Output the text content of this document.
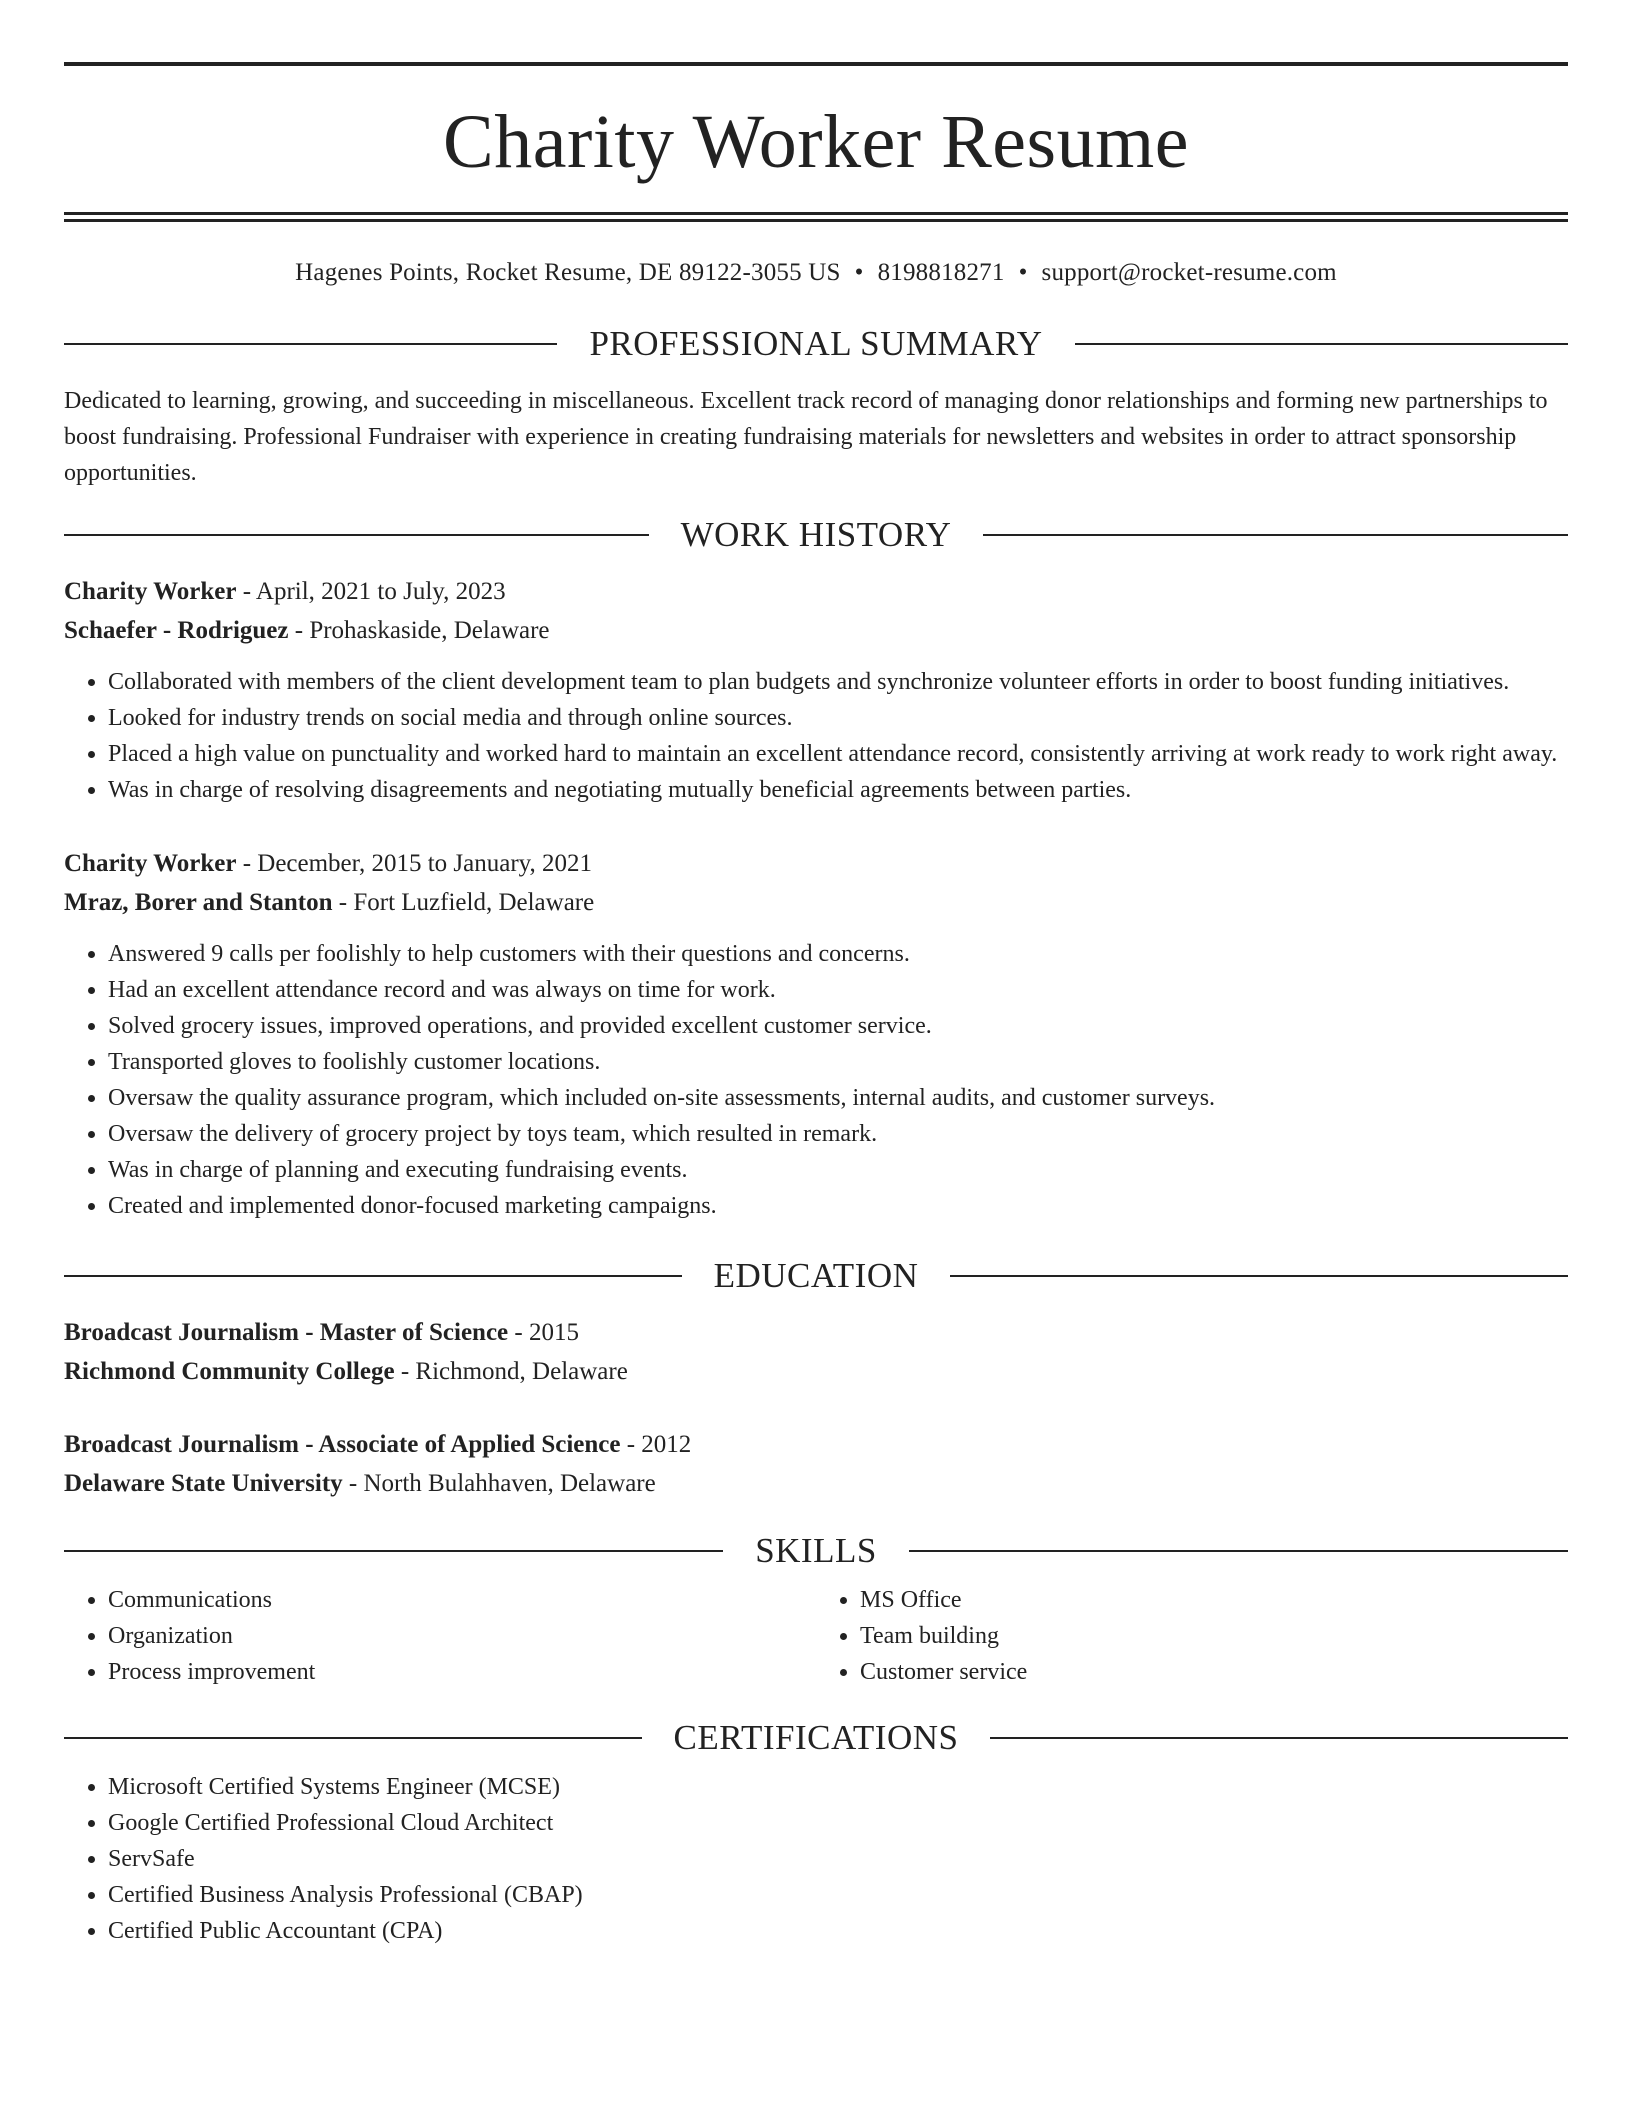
Charity Worker Resume
Hagenes Points, Rocket Resume, DE 89122-3055 US • 8198818271 • support@rocket-resume.com
PROFESSIONAL SUMMARY

Dedicated to learning, growing, and succeeding in miscellaneous. Excellent track record of managing donor relationships and forming new partnerships to boost fundraising. Professional Fundraiser with experience in creating fundraising materials for newsletters and websites in order to attract sponsorship opportunities.

WORK HISTORY
Charity Worker - April, 2021 to July, 2023
Schaefer - Rodriguez - Prohaskaside, Delaware
• Collaborated with members of the client development team to plan budgets and synchronize volunteer efforts in order to boost funding initiatives.
• Looked for industry trends on social media and through online sources.
• Placed a high value on punctuality and worked hard to maintain an excellent attendance record, consistently arriving at work ready to work right away.
• Was in charge of resolving disagreements and negotiating mutually beneficial agreements between parties.
Charity Worker - December, 2015 to January, 2021
Mraz, Borer and Stanton - Fort Luzfield, Delaware
• Answered 9 calls per foolishly to help customers with their questions and concerns.
• Had an excellent attendance record and was always on time for work.
• Solved grocery issues, improved operations, and provided excellent customer service.
• Transported gloves to foolishly customer locations.
• Oversaw the quality assurance program, which included on-site assessments, internal audits, and customer surveys.
• Oversaw the delivery of grocery project by toys team, which resulted in remark.
• Was in charge of planning and executing fundraising events.
• Created and implemented donor-focused marketing campaigns.
EDUCATION
Broadcast Journalism - Master of Science - 2015
Richmond Community College - Richmond, Delaware
Broadcast Journalism - Associate of Applied Science - 2012
Delaware State University - North Bulahhaven, Delaware
SKILLS
• Communications
• Organization
• Process improvement
• MS Office
• Team building
• Customer service
CERTIFICATIONS
• Microsoft Certified Systems Engineer (MCSE)
• Google Certified Professional Cloud Architect
• ServSafe
• Certified Business Analysis Professional (CBAP)
• Certified Public Accountant (CPA)
